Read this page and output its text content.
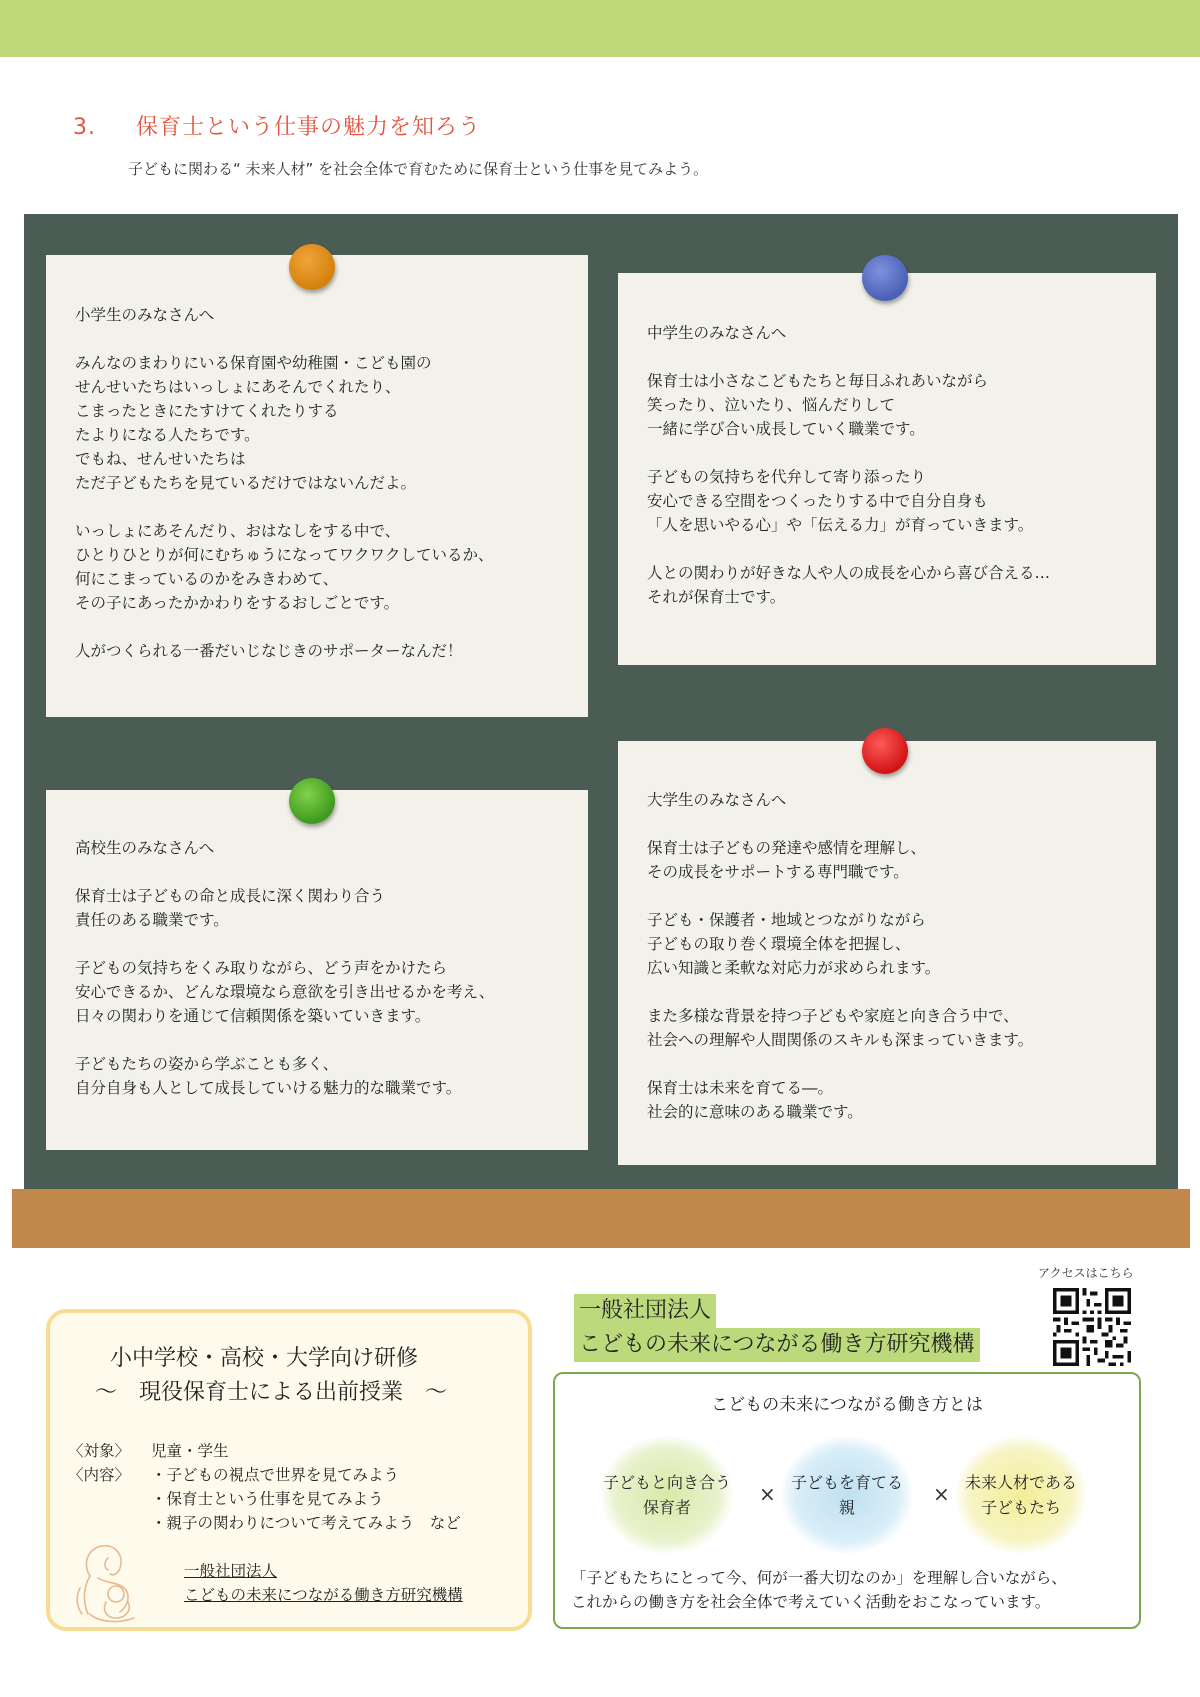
3. 保育士という仕事の魅力を知ろう
子どもに関わる“ 未来人材” を社会全体で育むために保育士という仕事を見てみよう。

小学生のみなさんへ

みんなのまわりにいる保育園や幼稚園・こども園の
せんせいたちはいっしょにあそんでくれたり、
こまったときにたすけてくれたりする
たよりになる人たちです。
でもね、せんせいたちは
ただ子どもたちを見ているだけではないんだよ。

いっしょにあそんだり、おはなしをする中で、
ひとりひとりが何にむちゅうになってワクワクしているか、
何にこまっているのかをみきわめて、
その子にあったかかわりをするおしごとです。

人がつくられる一番だいじなじきのサポーターなんだ！

中学生のみなさんへ

保育士は小さなこどもたちと毎日ふれあいながら
笑ったり、泣いたり、悩んだりして
一緒に学び合い成長していく職業です。

子どもの気持ちを代弁して寄り添ったり
安心できる空間をつくったりする中で自分自身も
「人を思いやる心」や「伝える力」が育っていきます。

人との関わりが好きな人や人の成長を心から喜び合える…
それが保育士です。

高校生のみなさんへ

保育士は子どもの命と成長に深く関わり合う
責任のある職業です。

子どもの気持ちをくみ取りながら、どう声をかけたら
安心できるか、どんな環境なら意欲を引き出せるかを考え、
日々の関わりを通じて信頼関係を築いていきます。

子どもたちの姿から学ぶことも多く、
自分自身も人として成長していける魅力的な職業です。

大学生のみなさんへ

保育士は子どもの発達や感情を理解し、
その成長をサポートする専門職です。

子ども・保護者・地域とつながりながら
子どもの取り巻く環境全体を把握し、
広い知識と柔軟な対応力が求められます。

また多様な背景を持つ子どもや家庭と向き合う中で、
社会への理解や人間関係のスキルも深まっていきます。

保育士は未来を育てる―。
社会的に意味のある職業です。

小中学校・高校・大学向け研修
～　現役保育士による出前授業　～
〈対象〉 児童・学生
〈内容〉 ・子どもの視点で世界を見てみよう
・保育士という仕事を見てみよう
・親子の関わりについて考えてみよう　など
一般社団法人
こどもの未来につながる働き方研究機構
一般社団法人
こどもの未来につながる働き方研究機構
アクセスはこちら
こどもの未来につながる働き方とは
子どもと向き合う
保育者
× 子どもを育てる
親
× 未来人材である
子どもたち
「子どもたちにとって今、何が一番大切なのか」を理解し合いながら、
これからの働き方を社会全体で考えていく活動をおこなっています。
